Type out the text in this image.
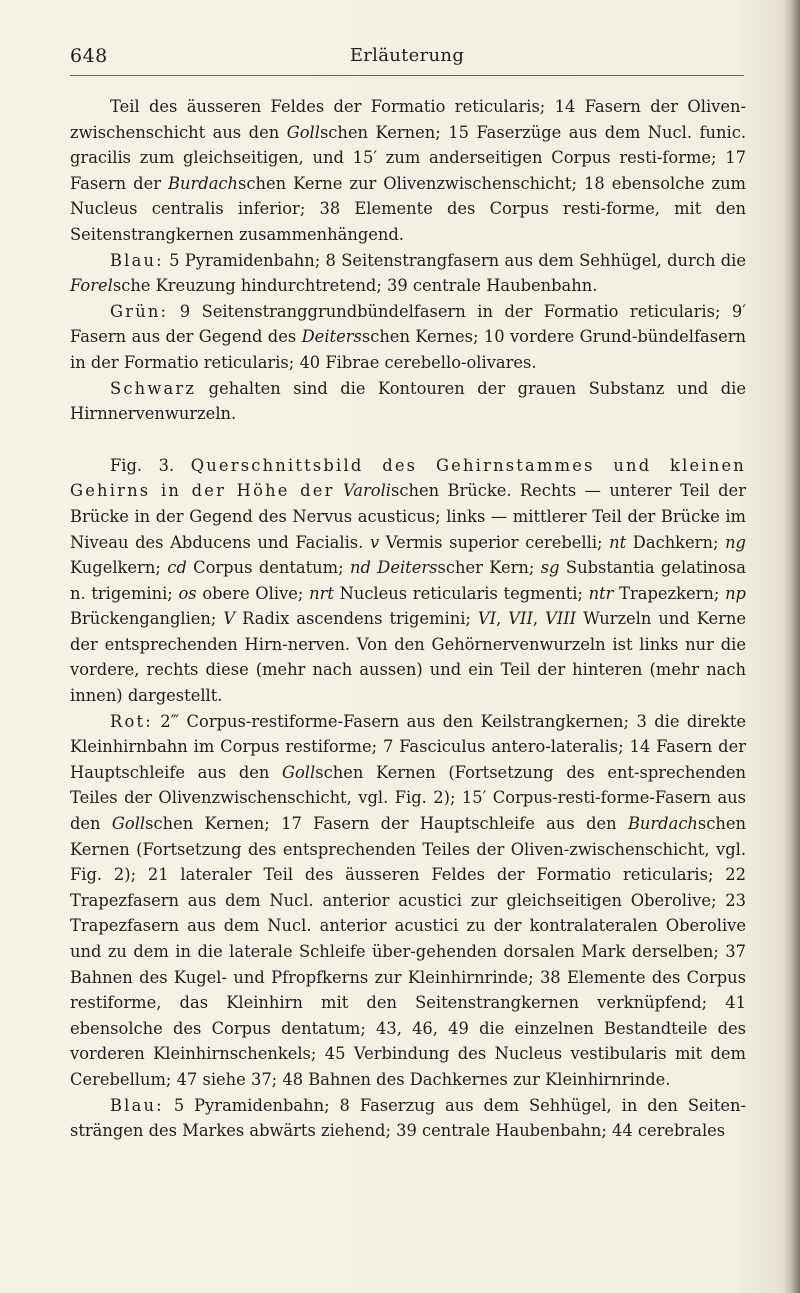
648	Erläuterung

Teil des äusseren Feldes der Formatio reticularis; 14 Fasern der Oliven-zwischenschicht aus den Gollschen Kernen; 15 Faserzüge aus dem Nucl. funic. gracilis zum gleichseitigen, und 15′ zum anderseitigen Corpus resti-forme; 17 Fasern der Burdachschen Kerne zur Olivenzwischenschicht; 18 ebensolche zum Nucleus centralis inferior; 38 Elemente des Corpus resti-forme, mit den Seitenstrangkernen zusammenhängend.

Blau: 5 Pyramidenbahn; 8 Seitenstrangfasern aus dem Sehhügel, durch die Forelsche Kreuzung hindurchtretend; 39 centrale Haubenbahn.

Grün: 9 Seitenstranggrundbündelfasern in der Formatio reticularis; 9′ Fasern aus der Gegend des Deitersschen Kernes; 10 vordere Grund-bündelfasern in der Formatio reticularis; 40 Fibrae cerebello-olivares.

Schwarz gehalten sind die Kontouren der grauen Substanz und die Hirnnervenwurzeln.

Fig. 3. Querschnittsbild des Gehirnstammes und kleinen Gehirns in der Höhe der Varolischen Brücke. Rechts — unterer Teil der Brücke in der Gegend des Nervus acusticus; links — mittlerer Teil der Brücke im Niveau des Abducens und Facialis. v Vermis superior cerebelli; nt Dachkern; ng Kugelkern; cd Corpus dentatum; nd Deitersscher Kern; sg Substantia gelatinosa n. trigemini; os obere Olive; nrt Nucleus reticularis tegmenti; ntr Trapezkern; np Brückenganglien; V Radix ascendens trigemini; VI, VII, VIII Wurzeln und Kerne der entsprechenden Hirn-nerven. Von den Gehörnervenwurzeln ist links nur die vordere, rechts diese (mehr nach aussen) und ein Teil der hinteren (mehr nach innen) dargestellt.

Rot: 2‴ Corpus-restiforme-Fasern aus den Keilstrangkernen; 3 die direkte Kleinhirnbahn im Corpus restiforme; 7 Fasciculus antero-lateralis; 14 Fasern der Hauptschleife aus den Gollschen Kernen (Fortsetzung des ent-sprechenden Teiles der Olivenzwischenschicht, vgl. Fig. 2); 15′ Corpus-resti-forme-Fasern aus den Gollschen Kernen; 17 Fasern der Hauptschleife aus den Burdachschen Kernen (Fortsetzung des entsprechenden Teiles der Oliven-zwischenschicht, vgl. Fig. 2); 21 lateraler Teil des äusseren Feldes der Formatio reticularis; 22 Trapezfasern aus dem Nucl. anterior acustici zur gleichseitigen Oberolive; 23 Trapezfasern aus dem Nucl. anterior acustici zu der kontralateralen Oberolive und zu dem in die laterale Schleife über-gehenden dorsalen Mark derselben; 37 Bahnen des Kugel- und Pfropfkerns zur Kleinhirnrinde; 38 Elemente des Corpus restiforme, das Kleinhirn mit den Seitenstrangkernen verknüpfend; 41 ebensolche des Corpus dentatum; 43, 46, 49 die einzelnen Bestandteile des vorderen Kleinhirnschenkels; 45 Verbindung des Nucleus vestibularis mit dem Cerebellum; 47 siehe 37; 48 Bahnen des Dachkernes zur Kleinhirnrinde.

Blau: 5 Pyramidenbahn; 8 Faserzug aus dem Sehhügel, in den Seiten-strängen des Markes abwärts ziehend; 39 centrale Haubenbahn; 44 cerebrales
